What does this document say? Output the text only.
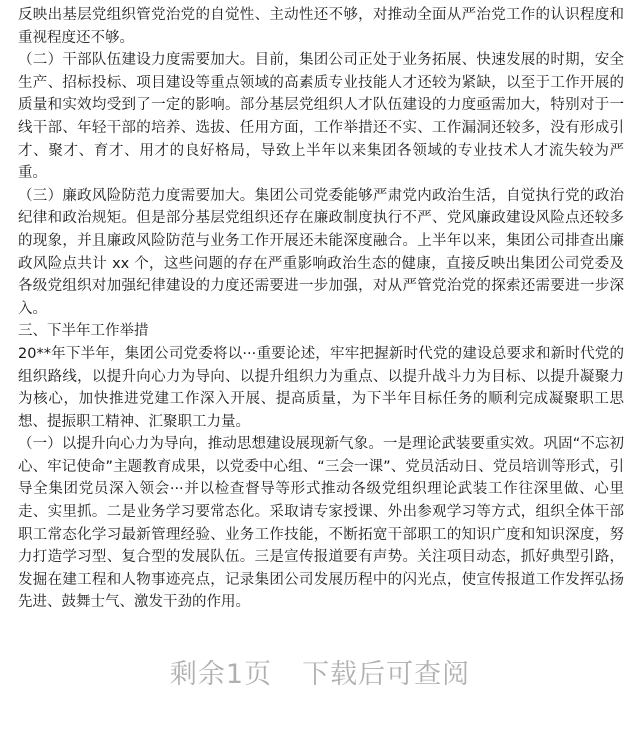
反映出基层党组织管党治党的自觉性、主动性还不够，对推动全面从严治党工作的认识程度和重视程度还不够。

（二）干部队伍建设力度需要加大。目前，集团公司正处于业务拓展、快速发展的时期，安全生产、招标投标、项目建设等重点领域的高素质专业技能人才还较为紧缺，以至于工作开展的质量和实效均受到了一定的影响。部分基层党组织人才队伍建设的力度亟需加大，特别对于一线干部、年轻干部的培养、选拔、任用方面，工作举措还不实、工作漏洞还较多，没有形成引才、聚才、育才、用才的良好格局，导致上半年以来集团各领域的专业技术人才流失较为严重。

（三）廉政风险防范力度需要加大。集团公司党委能够严肃党内政治生活，自觉执行党的政治纪律和政治规矩。但是部分基层党组织还存在廉政制度执行不严、党风廉政建设风险点还较多的现象，并且廉政风险防范与业务工作开展还未能深度融合。上半年以来，集团公司排查出廉政风险点共计 xx 个，这些问题的存在严重影响政治生态的健康，直接反映出集团公司党委及各级党组织对加强纪律建设的力度还需要进一步加强，对从严管党治党的探索还需要进一步深入。

三、下半年工作举措

20**年下半年，集团公司党委将以···重要论述，牢牢把握新时代党的建设总要求和新时代党的组织路线，以提升向心力为导向、以提升组织力为重点、以提升战斗力为目标、以提升凝聚力为核心，加快推进党建工作深入开展、提高质量，为下半年目标任务的顺利完成凝聚职工思想、提振职工精神、汇聚职工力量。

（一）以提升向心力为导向，推动思想建设展现新气象。一是理论武装要重实效。巩固“不忘初心、牢记使命”主题教育成果，以党委中心组、“三会一课”、党员活动日、党员培训等形式，引导全集团党员深入领会···并以检查督导等形式推动各级党组织理论武装工作往深里做、心里走、实里抓。二是业务学习要常态化。采取请专家授课、外出参观学习等方式，组织全体干部职工常态化学习最新管理经验、业务工作技能，不断拓宽干部职工的知识广度和知识深度，努力打造学习型、复合型的发展队伍。三是宣传报道要有声势。关注项目动态，抓好典型引路，发掘在建工程和人物事迹亮点，记录集团公司发展历程中的闪光点，使宣传报道工作发挥弘扬先进、鼓舞士气、激发干劲的作用。

剩余1页 下载后可查阅
